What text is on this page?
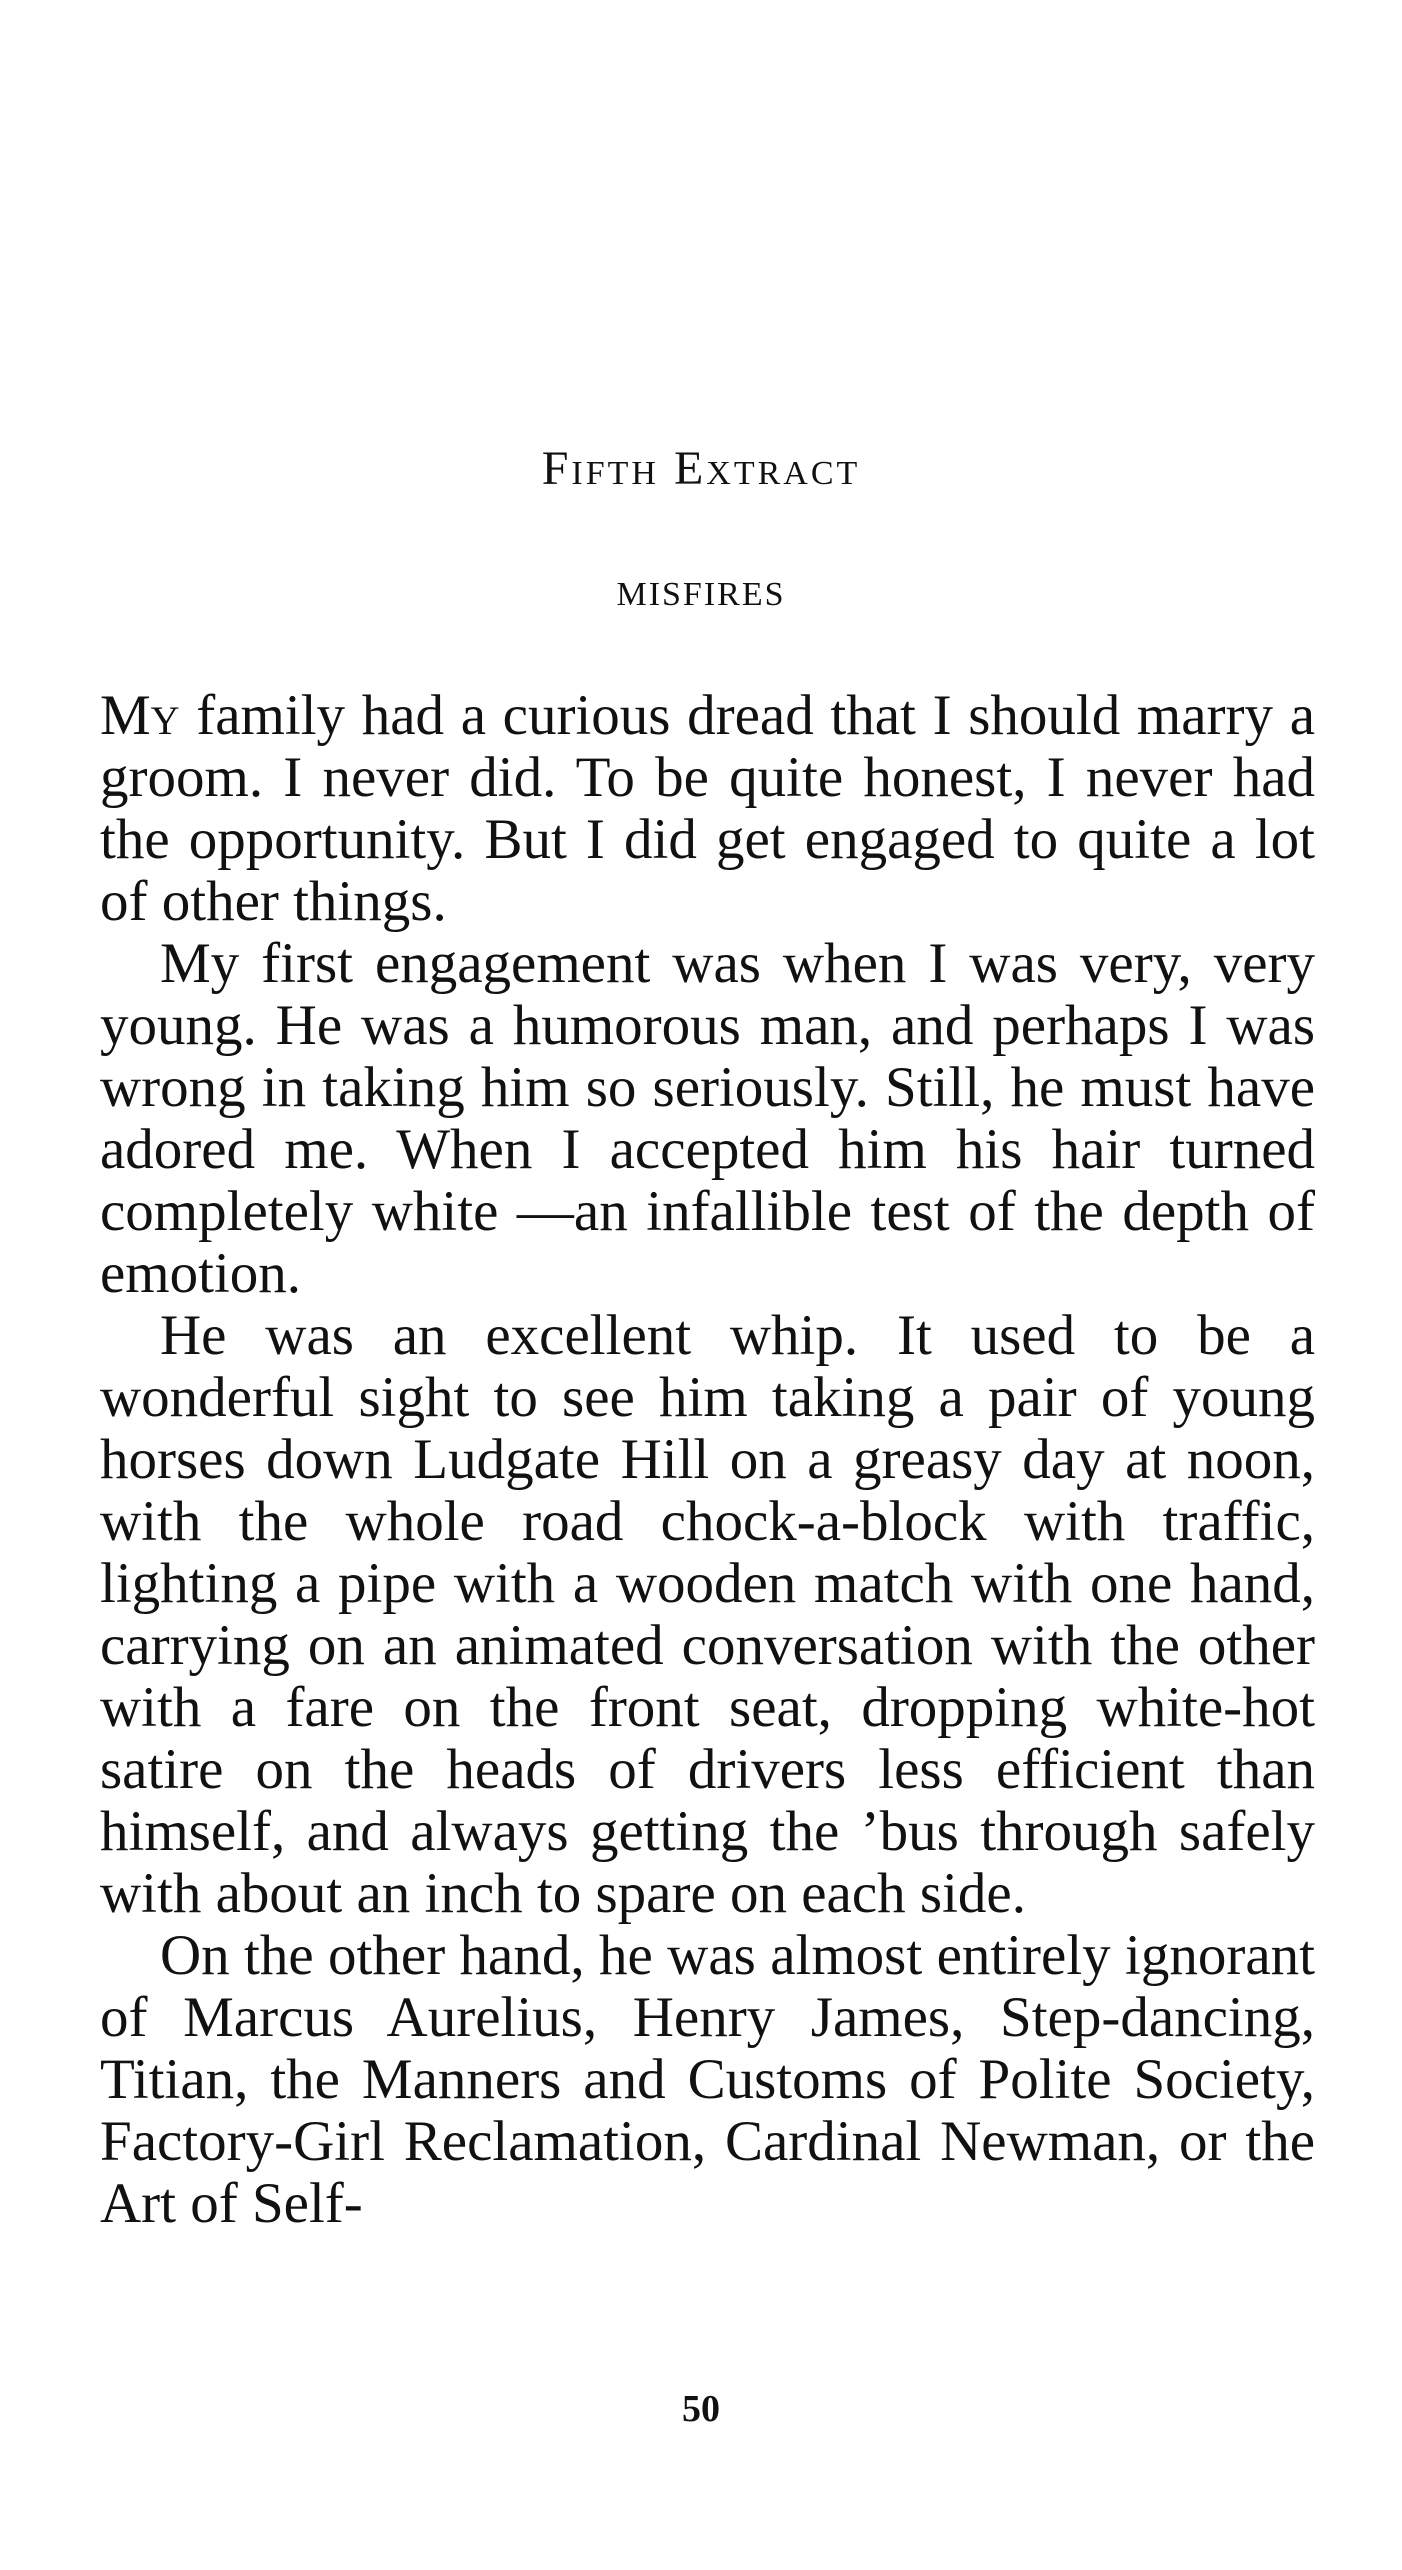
Fifth Extract
MISFIRES

My family had a curious dread that I should marry a groom. I never did. To be quite honest, I never had the opportunity. But I did get engaged to quite a lot of other things.

My first engagement was when I was very, very young. He was a humorous man, and perhaps I was wrong in taking him so seriously. Still, he must have adored me. When I accepted him his hair turned completely white —an infallible test of the depth of emotion.

He was an excellent whip. It used to be a wonderful sight to see him taking a pair of young horses down Ludgate Hill on a greasy day at noon, with the whole road chock-a-block with traffic, lighting a pipe with a wooden match with one hand, carrying on an animated conversation with the other with a fare on the front seat, dropping white-hot satire on the heads of drivers less efficient than himself, and always getting the ’bus through safely with about an inch to spare on each side.

On the other hand, he was almost entirely ignorant of Marcus Aurelius, Henry James, Step-dancing, Titian, the Manners and Customs of Polite Society, Factory-Girl Reclamation, Cardinal Newman, or the Art of Self-

50
